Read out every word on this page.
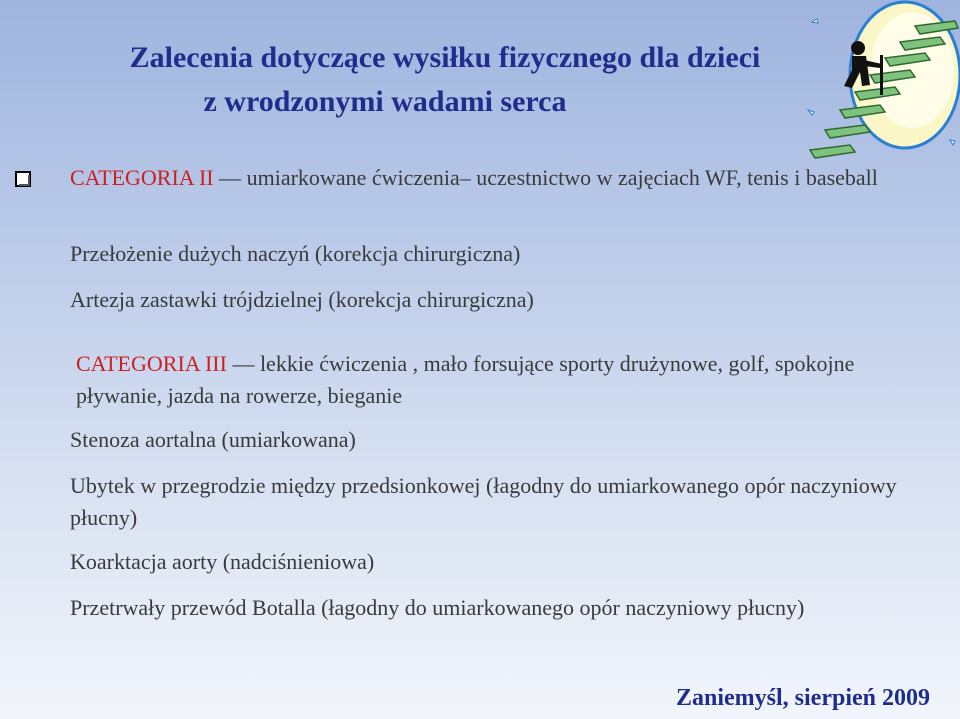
Zalecenia dotyczące wysiłku fizycznego dla dzieci
z wrodzonymi wadami serca
CATEGORIA II — umiarkowane ćwiczenia– uczestnictwo w zajęciach WF, tenis i baseball
Przełożenie dużych naczyń (korekcja chirurgiczna)
Artezja zastawki trójdzielnej (korekcja chirurgiczna)
CATEGORIA III — lekkie ćwiczenia , mało forsujące sporty drużynowe, golf, spokojne pływanie, jazda na rowerze, bieganie
Stenoza aortalna (umiarkowana)
Ubytek w przegrodzie między przedsionkowej (łagodny do umiarkowanego opór naczyniowy płucny)
Koarktacja aorty (nadciśnieniowa)
Przetrwały przewód Botalla (łagodny do umiarkowanego opór naczyniowy płucny)
Zaniemyśl, sierpień 2009
